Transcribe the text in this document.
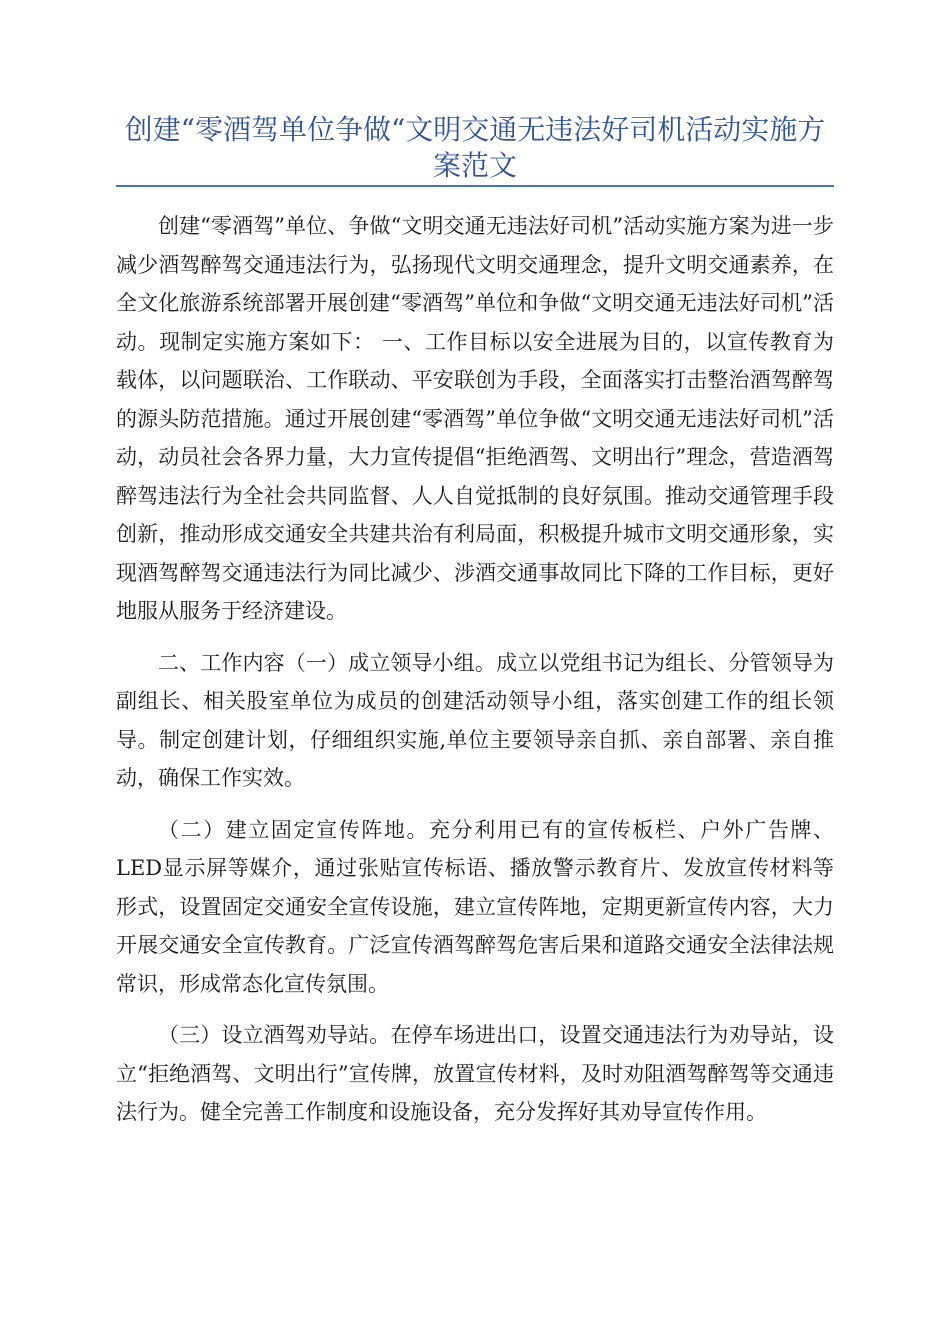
创建“零酒驾单位争做“文明交通无违法好司机活动实施方案范文

创建“零酒驾”单位、争做“文明交通无违法好司机”活动实施方案为进一步减少酒驾醉驾交通违法行为，弘扬现代文明交通理念，提升文明交通素养，在全文化旅游系统部署开展创建“零酒驾”单位和争做“文明交通无违法好司机”活动。现制定实施方案如下： 一、工作目标以安全进展为目的，以宣传教育为载体，以问题联治、工作联动、平安联创为手段，全面落实打击整治酒驾醉驾的源头防范措施。通过开展创建“零酒驾”单位争做“文明交通无违法好司机”活动，动员社会各界力量，大力宣传提倡“拒绝酒驾、文明出行”理念，营造酒驾醉驾违法行为全社会共同监督、人人自觉抵制的良好氛围。推动交通管理手段创新，推动形成交通安全共建共治有利局面，积极提升城市文明交通形象，实现酒驾醉驾交通违法行为同比减少、涉酒交通事故同比下降的工作目标，更好地服从服务于经济建设。

二、工作内容（一）成立领导小组。成立以党组书记为组长、分管领导为副组长、相关股室单位为成员的创建活动领导小组，落实创建工作的组长领导。制定创建计划，仔细组织实施,单位主要领导亲自抓、亲自部署、亲自推动，确保工作实效。

（二）建立固定宣传阵地。充分利用已有的宣传板栏、户外广告牌、LED显示屏等媒介，通过张贴宣传标语、播放警示教育片、发放宣传材料等形式，设置固定交通安全宣传设施，建立宣传阵地，定期更新宣传内容，大力开展交通安全宣传教育。广泛宣传酒驾醉驾危害后果和道路交通安全法律法规常识，形成常态化宣传氛围。

（三）设立酒驾劝导站。在停车场进出口，设置交通违法行为劝导站，设立“拒绝酒驾、文明出行”宣传牌，放置宣传材料，及时劝阻酒驾醉驾等交通违法行为。健全完善工作制度和设施设备，充分发挥好其劝导宣传作用。
